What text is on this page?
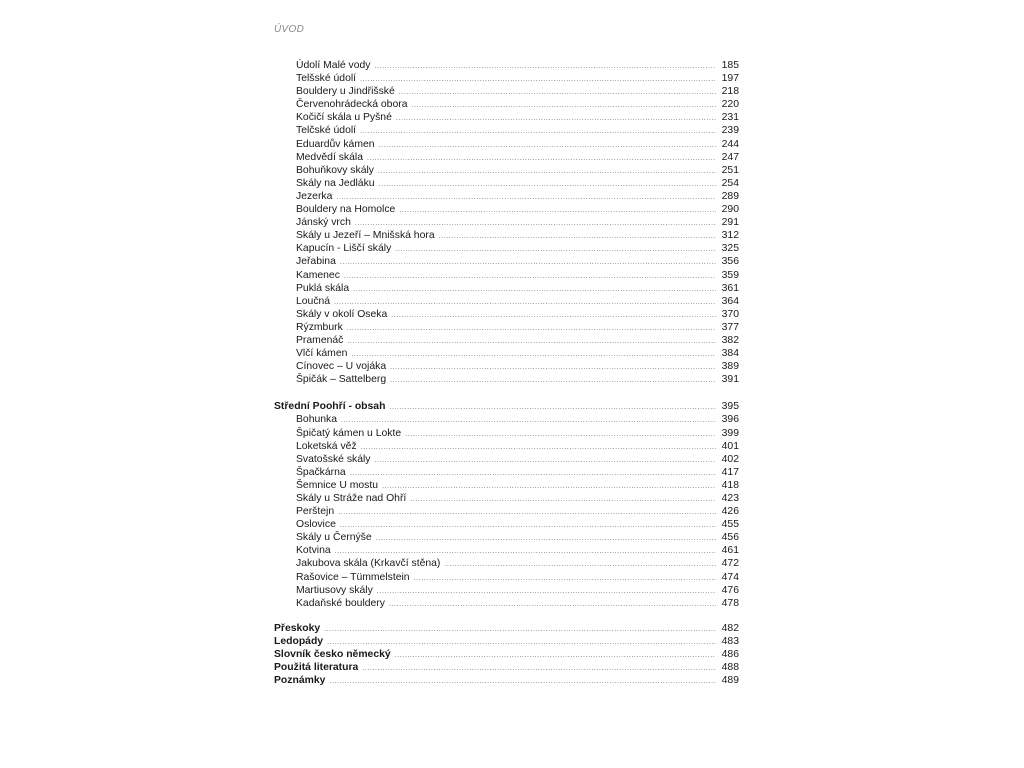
ÚVOD
Údolí Malé vody .....	185
Telšské údolí .....	197
Bouldery u Jindřišské .....	218
Červenohrádecká obora .....	220
Kočičí skála u Pyšné .....	231
Telčské údolí .....	239
Eduardův kámen .....	244
Medvědí skála .....	247
Bohuňkovy skály .....	251
Skály na Jedláku .....	254
Jezerka .....	289
Bouldery na Homolce .....	290
Jánský vrch .....	291
Skály u Jezeří – Mnišská hora .....	312
Kapucín - Liščí skály .....	325
Jeřabina .....	356
Kamenec .....	359
Puklá skála .....	361
Loučná .....	364
Skály v okolí Oseka .....	370
Rýzmburk .....	377
Pramenáč .....	382
Vlčí kámen .....	384
Cínovec – U vojáka .....	389
Špičák – Sattelberg .....	391
Střední Poohří - obsah .....	395
Bohunka .....	396
Špičatý kámen u Lokte .....	399
Loketská věž .....	401
Svatošské skály .....	402
Špačkárna .....	417
Šemnice U mostu .....	418
Skály u Stráže nad Ohří .....	423
Perštejn .....	426
Oslovice .....	455
Skály u Černýše .....	456
Kotvina .....	461
Jakubova skála (Krkavčí stěna) .....	472
Rašovice – Tümmelstein .....	474
Martiusovy skály .....	476
Kadaňské bouldery .....	478
Přeskoky .....	482
Ledopády .....	483
Slovník česko německý .....	486
Použitá literatura .....	488
Poznámky .....	489
